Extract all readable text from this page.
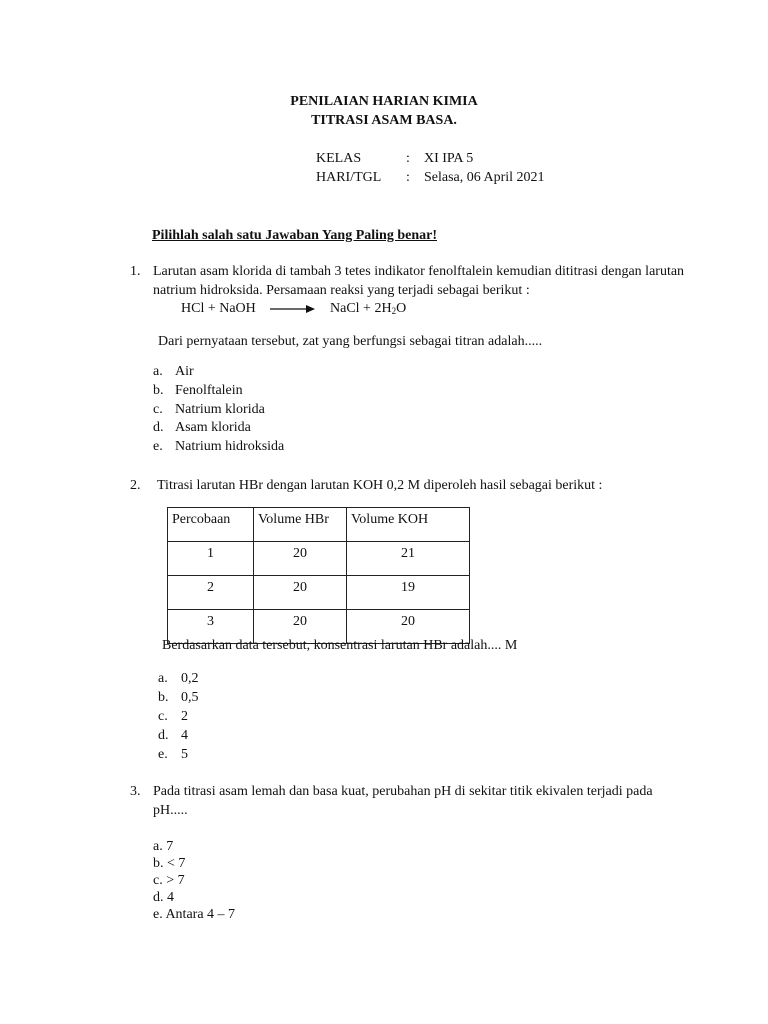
PENILAIAN HARIAN KIMIA
TITRASI ASAM BASA.
KELAS	: XI IPA 5
HARI/TGL : Selasa, 06 April 2021
Pilihlah salah satu Jawaban Yang Paling benar!
1. Larutan asam klorida di tambah 3 tetes indikator fenolftalein kemudian dititrasi dengan larutan
natrium hidroksida. Persamaan reaksi yang terjadi sebagai berikut :
HCl + NaOH → NaCl + $2H_2O$
Dari pernyataan tersebut, zat yang berfungsi sebagai titran adalah.....
a. Air
b. Fenolftalein
c. Natrium klorida
d. Asam klorida
e. Natrium hidroksida
2. Titrasi larutan HBr dengan larutan KOH 0,2 M diperoleh hasil sebagai berikut :
Percobaan	Volume HBr	Volume KOH
1	20	21
2	20	19
3	20	20
Berdasarkan data tersebut, konsentrasi larutan HBr adalah.... M
a. 0,2
b. 0,5
c. 2
d. 4
e. 5
3. Pada titrasi asam lemah dan basa kuat, perubahan pH di sekitar titik ekivalen terjadi pada
pH.....
a. 7
b. < 7
c. > 7
d. 4
e. Antara 4 – 7
